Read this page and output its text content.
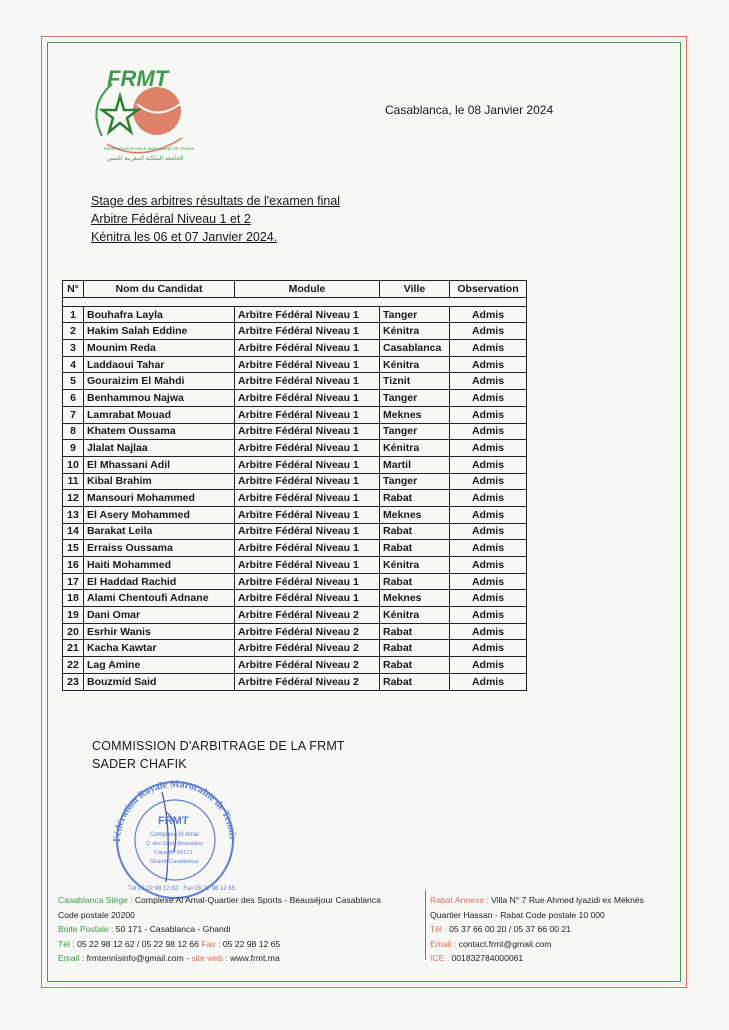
FRMT
FÉDÉRATION ROYALE MAROCAINE DE TENNIS
الجامعة الملكية المغربية للتنس
Casablanca, le 08 Janvier 2024
Stage des arbitres résultats de l'examen final
Arbitre Fédéral Niveau 1 et 2
Kénitra les 06 et 07 Janvier 2024.
N°	Nom du Candidat	Module	Ville	Observation

1	Bouhafra Layla	Arbitre Fédéral Niveau 1	Tanger	Admis
2	Hakim Salah Eddine	Arbitre Fédéral Niveau 1	Kénitra	Admis
3	Mounim Reda	Arbitre Fédéral Niveau 1	Casablanca	Admis
4	Laddaoui Tahar	Arbitre Fédéral Niveau 1	Kénitra	Admis
5	Gouraizim El Mahdi	Arbitre Fédéral Niveau 1	Tiznit	Admis
6	Benhammou Najwa	Arbitre Fédéral Niveau 1	Tanger	Admis
7	Lamrabat Mouad	Arbitre Fédéral Niveau 1	Meknes	Admis
8	Khatem Oussama	Arbitre Fédéral Niveau 1	Tanger	Admis
9	Jlalat Najlaa	Arbitre Fédéral Niveau 1	Kénitra	Admis
10	El Mhassani Adil	Arbitre Fédéral Niveau 1	Martil	Admis
11	Kibal Brahim	Arbitre Fédéral Niveau 1	Tanger	Admis
12	Mansouri Mohammed	Arbitre Fédéral Niveau 1	Rabat	Admis
13	El Asery Mohammed	Arbitre Fédéral Niveau 1	Meknes	Admis
14	Barakat Leila	Arbitre Fédéral Niveau 1	Rabat	Admis
15	Erraiss Oussama	Arbitre Fédéral Niveau 1	Rabat	Admis
16	Haiti Mohammed	Arbitre Fédéral Niveau 1	Kénitra	Admis
17	El Haddad Rachid	Arbitre Fédéral Niveau 1	Rabat	Admis
18	Alami Chentoufi Adnane	Arbitre Fédéral Niveau 1	Meknes	Admis
19	Dani Omar	Arbitre Fédéral Niveau 2	Kénitra	Admis
20	Esrhir Wanis	Arbitre Fédéral Niveau 2	Rabat	Admis
21	Kacha Kawtar	Arbitre Fédéral Niveau 2	Rabat	Admis
22	Lag Amine	Arbitre Fédéral Niveau 2	Rabat	Admis
23	Bouzmid Said	Arbitre Fédéral Niveau 2	Rabat	Admis
COMMISSION D'ARBITRAGE DE LA FRMT
SADER CHAFIK
Fédération Royale Marocaine de Tennis
FRMT
Complexe Al Amal
Q. des Sports Beauséjour
Casa BP 50171
Ghandi Casablanca
Tél 05 22 98 12 62 · Fax 05 22 98 12 65
Casablanca Siège : Complexe Al Amal-Quartier des Sports - Beauséjour Casablanca
Code postale 20200
Boite Postale : 50 171 - Casablanca - Ghandi
Tél : 05 22 98 12 62 / 05 22 98 12 66 Fax : 05 22 98 12 65
Email : frmtennisinfo@gmail.com - site web : www.frmt.ma
Rabat Annexe : Villa N° 7 Rue Ahmed lyazidi ex Meknès
Quartier Hassan - Rabat Code postale 10 000
Tél : 05 37 66 00 20 / 05 37 66 00 21
Email : contact.frmt@gmail.com
ICE : 001832784000061
